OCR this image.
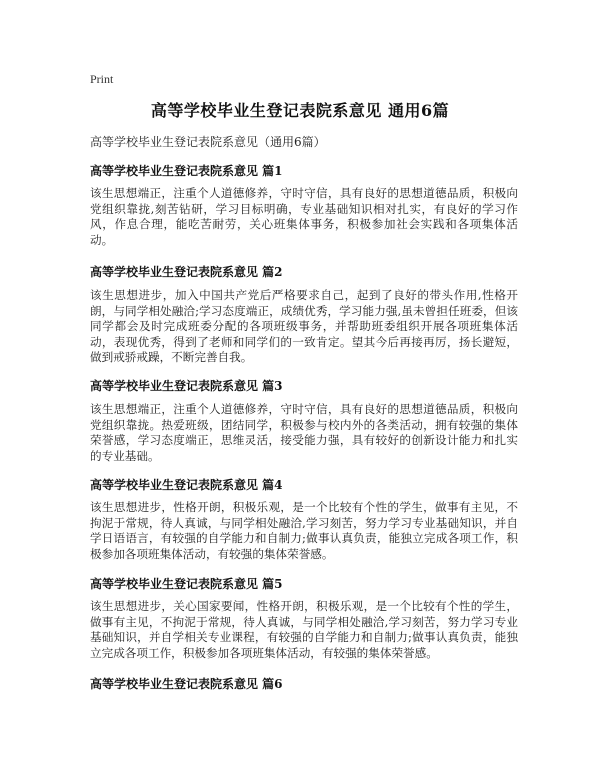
Print
高等学校毕业生登记表院系意见 通用6篇
高等学校毕业生登记表院系意见（通用6篇）
高等学校毕业生登记表院系意见 篇1
该生思想端正，注重个人道德修养，守时守信，具有良好的思想道德品质，积极向党组织靠拢,刻苦钻研，学习目标明确，专业基础知识相对扎实，有良好的学习作风，作息合理，能吃苦耐劳，关心班集体事务，积极参加社会实践和各项集体活动。
高等学校毕业生登记表院系意见 篇2
该生思想进步，加入中国共产党后严格要求自己，起到了良好的带头作用,性格开朗，与同学相处融洽;学习态度端正，成绩优秀，学习能力强,虽未曾担任班委，但该同学都会及时完成班委分配的各项班级事务，并帮助班委组织开展各项班集体活动，表现优秀，得到了老师和同学们的一致肯定。望其今后再接再厉，扬长避短，做到戒骄戒躁，不断完善自我。
高等学校毕业生登记表院系意见 篇3
该生思想端正，注重个人道德修养，守时守信，具有良好的思想道德品质，积极向党组织靠拢。热爱班级，团结同学，积极参与校内外的各类活动，拥有较强的集体荣誉感，学习态度端正，思维灵活，接受能力强，具有较好的创新设计能力和扎实的专业基础。
高等学校毕业生登记表院系意见 篇4
该生思想进步，性格开朗，积极乐观，是一个比较有个性的学生，做事有主见，不拘泥于常规，待人真诚，与同学相处融洽,学习刻苦，努力学习专业基础知识，并自学日语语言，有较强的自学能力和自制力;做事认真负责，能独立完成各项工作，积极参加各项班集体活动，有较强的集体荣誉感。
高等学校毕业生登记表院系意见 篇5
该生思想进步，关心国家要闻，性格开朗，积极乐观，是一个比较有个性的学生，做事有主见，不拘泥于常规，待人真诚，与同学相处融洽,学习刻苦，努力学习专业基础知识，并自学相关专业课程，有较强的自学能力和自制力;做事认真负责，能独立完成各项工作，积极参加各项班集体活动，有较强的集体荣誉感。
高等学校毕业生登记表院系意见 篇6
